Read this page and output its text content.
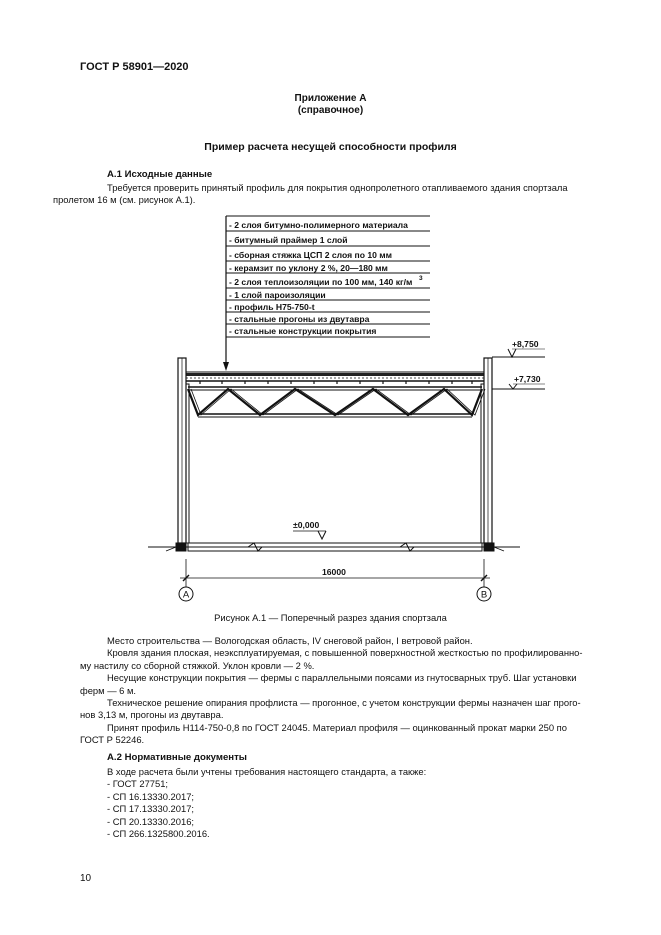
ГОСТ Р 58901—2020
Приложение А
(справочное)
Пример расчета несущей способности профиля
А.1 Исходные данные
Требуется проверить принятый профиль для покрытия однопролетного отапливаемого здания спортзала
пролетом 16 м (см. рисунок А.1).
- 2 слоя битумно-полимерного материала
- битумный праймер 1 слой
- сборная стяжка ЦСП 2 слоя по 10 мм
- керамзит по уклону 2 %, 20—180 мм
- 2 слоя теплоизоляции по 100 мм, 140 кг/м 3
- 1 слой пароизоляции
- профиль Н75-750-t
- стальные прогоны из двутавра
- стальные конструкции покрытия
+8,750
+7,730
±0,000
16000
А	В
Рисунок А.1 — Поперечный разрез здания спортзала
Место строительства — Вологодская область, IV снеговой район, I ветровой район.
Кровля здания плоская, неэксплуатируемая, с повышенной поверхностной жесткостью по профилированно-
му настилу со сборной стяжкой. Уклон кровли — 2 %.
Несущие конструкции покрытия — фермы с параллельными поясами из гнутосварных труб. Шаг установки
ферм — 6 м.
Техническое решение опирания профлиста — прогонное, с учетом конструкции фермы назначен шаг прого-
нов 3,13 м, прогоны из двутавра.
Принят профиль Н114-750-0,8 по ГОСТ 24045. Материал профиля — оцинкованный прокат марки 250 по
ГОСТ Р 52246.
А.2 Нормативные документы
В ходе расчета были учтены требования настоящего стандарта, а также:
- ГОСТ 27751;
- СП 16.13330.2017;
- СП 17.13330.2017;
- СП 20.13330.2016;
- СП 266.1325800.2016.
10
